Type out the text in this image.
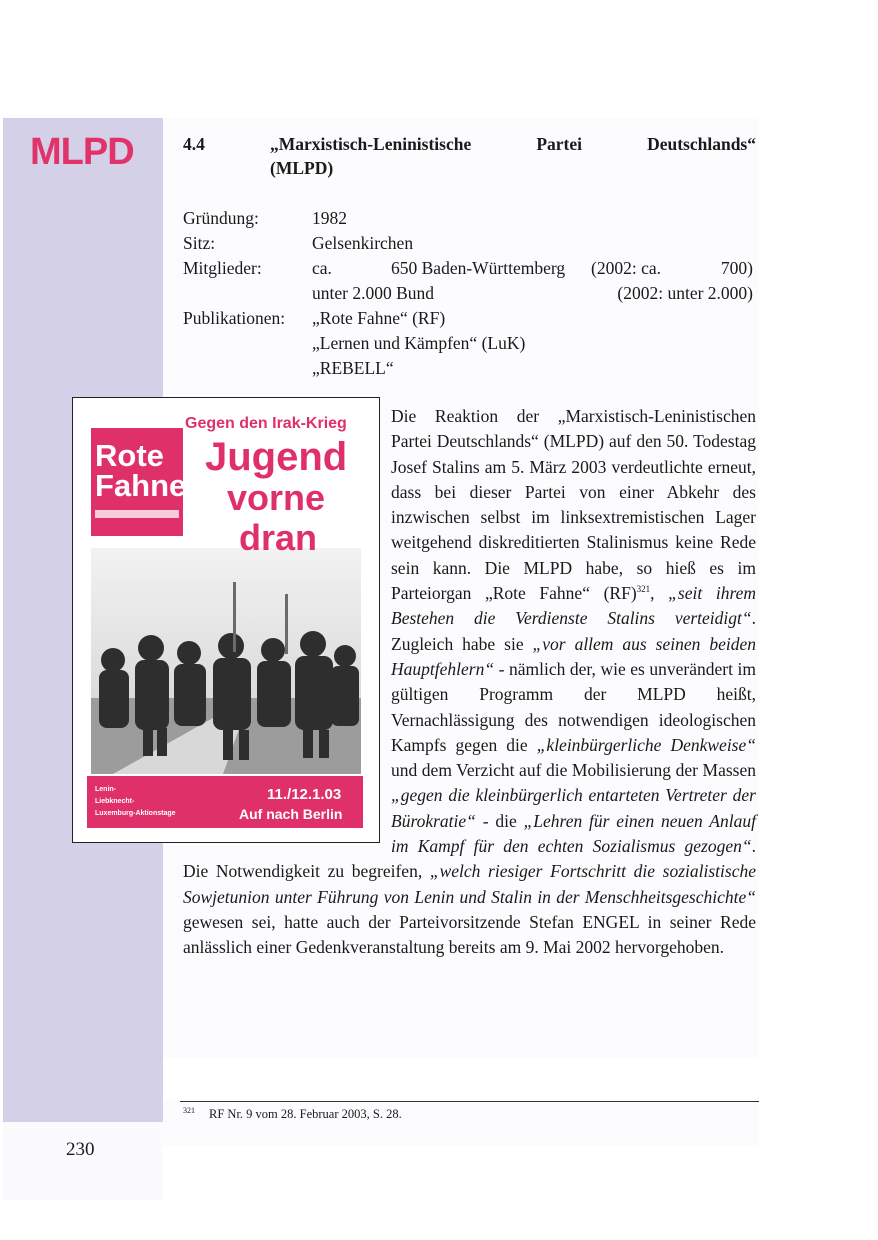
MLPD	4.4	„Marxistisch-Leninistische Partei Deutschlands“
(MLPD)
Gründung:	1982
Sitz:	Gelsenkirchen
Mitglieder:	ca.	650 Baden-Württemberg (2002: ca.	700)
unter 2.000 Bund	(2002: unter 2.000)
Publikationen: „Rote Fahne“ (RF)
„Lernen und Kämpfen“ (LuK)
„REBELL“
Rote
Fahne
Gegen den Irak-Krieg
Jugend
vorne
dran
Lenin-
Liebknecht-
Luxemburg-Aktionstage
11./12.1.03
Auf nach Berlin
Die Reaktion der „Marxistisch-Leninistischen Partei Deutschlands“ (MLPD) auf den 50. Todestag Josef Stalins am 5. März 2003 verdeutlichte erneut, dass bei dieser Partei von einer Abkehr des inzwischen selbst im linksextremistischen Lager weitgehend diskreditierten Stalinismus keine Rede sein kann. Die MLPD habe, so hieß es im Parteiorgan „Rote Fahne“ (RF)$^{321}$, „seit ihrem Bestehen die Verdienste Stalins verteidigt“. Zugleich habe sie „vor allem aus seinen beiden Hauptfehlern“ - nämlich der, wie es unverändert im gültigen Programm der MLPD heißt, Vernachlässigung des notwendigen ideologischen Kampfs gegen die „kleinbürgerliche Denkweise“ und dem Verzicht auf die Mobilisierung der Massen „gegen die kleinbürgerlich entarteten Vertreter der Bürokratie“ - die „Lehren für einen neuen Anlauf im Kampf für den echten Sozialismus gezogen“. Die Notwendigkeit zu begreifen, „welch riesiger Fortschritt die sozialistische Sowjetunion unter Führung von Lenin und Stalin in der Menschheitsgeschichte“ gewesen sei, hatte auch der Parteivorsitzende Stefan ENGEL in seiner Rede anlässlich einer Gedenkveranstaltung bereits am 9. Mai 2002 hervorgehoben.
$^{321}$ RF Nr. 9 vom 28. Februar 2003, S. 28.
230
